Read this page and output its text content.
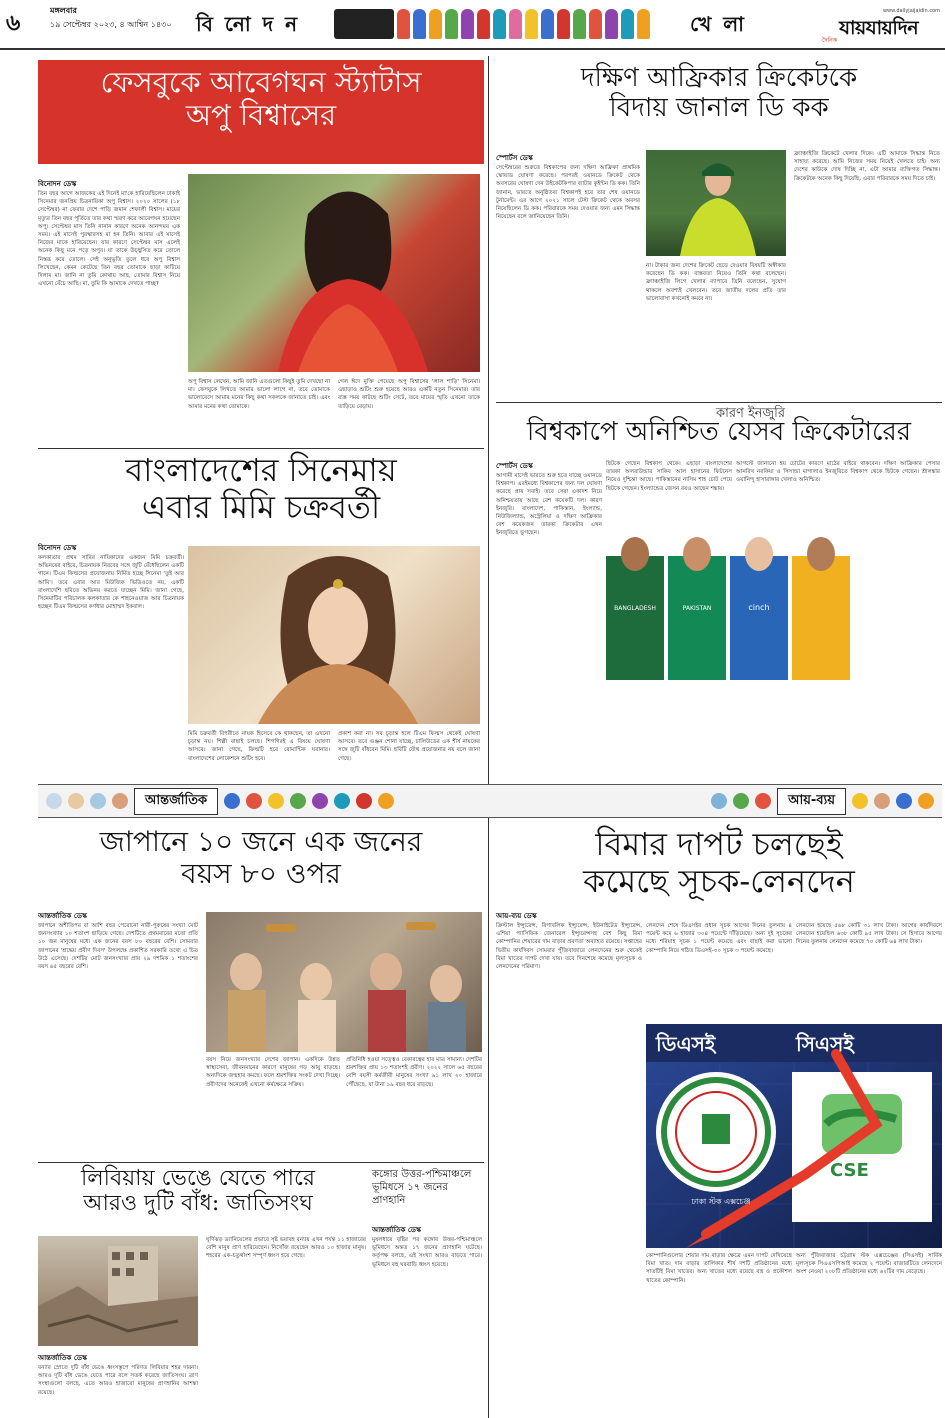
৬
মঙ্গলবার
১৯ সেপ্টেম্বর ২০২৩, ৪ আশ্বিন ১৪৩০ বিনোদন	খেলা
www.dailyjaijaidin.com
দৈনিক
যায়যায়দিন
ফেসবুকে আবেগঘন স্ট্যাটাস
অপু বিশ্বাসের
বিনোদন ডেস্ক
তিন বছর আগে আজকের এই দিনেই মা'কে হারিয়েছিলেন ঢাকাই সিনেমার জনপ্রিয় চিত্রনায়িকা অপু বিশ্বাস। ২০২০ সালের (১৮ সেপ্টেম্বর) না ফেরার দেশে পাড়ি জমান শেফালী বিশ্বাস। মায়ের মৃত্যুর তিন বছর পূর্তিতে তার কথা স্মরণ করে আবেগঘন হয়েছেন অপু। সেপ্টেম্বর মাস তিনি নানান কারণে অনেক আনন্দময় এক সময়। এই মাসেই পুরস্কারসহ মা হন তিনি। আবার এই মাসেই নিজের মাকে হারিয়েছেন। যার কারণে সেপ্টেম্বর মাস এলেই অনেক কিছু মনে পড়ে অপুর। যা তাকে উচ্ছ্বসিত করে তোলে নিস্তব্ধ করে তোলে। সেই অনুভূতি তুলে ধরে অপু বিশ্বাস লিখেছেন, কেমন কেটেছে তিন বছর তোমাকে ছাড়া কাটিয়ে দিলাম মা। জানি না তুমি কোথায় আছ, তোমার বিশ্বাস নিয়ে এখনো বেঁচে আছি। মা, তুমি কি আমাকে দেখতে পাচ্ছ?
অপু বিশ্বাস লেখেন, আমি জানি এতগুলো কিছুই তুমি দেখছো না মা। ফেসবুকে লিখতে আমার ভালো লাগে না, তবে তোমাকে ভালোবেসে আমার মনের কিছু কথা সকলকে জানাতে চাই। এবং আমার মনের কথা তোমাকে।
গেল ঈদে মুক্তি পেয়েছে অপু বিশ্বাসের 'লাল শাড়ি' সিনেমা। এছাড়াও শুটিং শুরু হয়েছে আরও একটি নতুন সিনেমার। তার ব্যস্ত সময় কাটছে শুটিং সেটে, তবে মায়ের স্মৃতি এখনো তাকে তাড়িয়ে বেড়ায়।
বাংলাদেশের সিনেমায়
এবার মিমি চক্রবর্তী
বিনোদন ডেস্ক
কলকাতার প্রথম সারির নায়িকাদের একজন মিমি চক্রবর্তী। অভিনয়ের বাইরে, চিত্রনায়ক নিরবের সঙ্গে জুটি বেঁধেছিলেন একটি গানে। টিএম ফিল্মসের প্রযোজনায় নির্মিত হচ্ছে সিনেমা 'তুই আর আমি'। তবে এবার আর মিউজিক ভিডিওতে নয়, একটি বাংলাদেশি ছবিতে অভিনয় করতে যাচ্ছেন মিমি। জানা গেছে, সিনেমাটির পরিচালক কলকাতার কে শাহনেওয়াজ আর চিত্রনায়ক হচ্ছেন টিএম ফিল্মসের কর্ণধার মোহাম্মদ ইকবাল।
মিমি চক্রবর্তী বিপরীতে নায়ক হিসেবে কে থাকছেন, তা এখনো চূড়ান্ত নয়। শিল্পী বাছাই চলছে। শিগগিরই এ বিষয়ে ঘোষণা আসবে। জানা গেছে, ফিল্মটি হবে রোমান্টিক ঘরানার। বাংলাদেশের লোকেশনে শুটিং হবে।
প্রকাশ করা না। সব চূড়ান্ত হলে টিএম ফিল্মস থেকেই ঘোষণা আসবে। তবে গুঞ্জন শোনা যাচ্ছে, ঢালিউডের এক শীর্ষ নায়কের সঙ্গে জুটি বাঁধবেন মিমি। ছবিটি যৌথ প্রযোজনার নয় বলে জানা গেছে।
দক্ষিণ আফ্রিকার ক্রিকেটকে
বিদায় জানাল ডি কক
স্পোর্টস ডেস্ক
সেপ্টেম্বরের শুরুতে বিশ্বকাপের জন্য দক্ষিণ আফ্রিকা প্রাথমিক স্কোয়াড ঘোষণা করেছে। পরপরই ওয়ানডে ক্রিকেট থেকে অবসরের ঘোষণা দেন উইকেটকিপার ব্যাটার কুইন্টন ডি কক। তিনি জানান, ভারতে অনুষ্ঠিতব্য বিশ্বকাপই হবে তার শেষ ওয়ানডে টুর্নামেন্ট। এর আগে ২০২১ সালে টেস্ট ক্রিকেট থেকে অবসর নিয়েছিলেন ডি কক। পরিবারকে সময় দেওয়ার জন্য এমন সিদ্ধান্ত নিয়েছেন বলে জানিয়েছেন তিনি।
না। টাকার জন্য দেশের ক্রিকেট ছেড়ে দেওয়ার বিষয়টি অস্বীকার করেছেন ডি কক। বাস্তবতা নিয়েও তিনি কথা বলেছেন। ফ্র্যাঞ্চাইজি লিগে খেলার ব্যাপারে তিনি বলেছেন, সুযোগ থাকলে অবশ্যই খেলবেন। তবে জাতীয় দলের প্রতি তার ভালোবাসা কখনোই কমবে না।
ফ্র্যাঞ্চাইজি ক্রিকেটে খেলার দিকে। এটি আমাকে সিদ্ধান্ত নিতে সাহায্য করেছে। আমি নিজের সময় নিয়েই খেলতে চাই। অন্য দেশের কাউকে দোষ দিচ্ছি না, এটা আমার ব্যক্তিগত সিদ্ধান্ত। ক্রিকেটকে অনেক কিছু দিয়েছি, এবার পরিবারকে সময় দিতে চাই।
কারণ ইনজুরি
বিশ্বকাপে অনিশ্চিত যেসব ক্রিকেটারের
স্পোর্টস ডেস্ক
আগামী মাসেই ভারতে শুরু হতে যাচ্ছে ওয়ানডে বিশ্বকাপ। এরইমধ্যে বিশ্বকাপের জন্য দল ঘোষণা করেছে প্রায় সবাই। তবে সেরা একাদশ নিয়ে অনিশ্চয়তায় আছে বেশ কয়েকটি দল। কারণ ইনজুরি। বাংলাদেশ, পাকিস্তান, ইংল্যান্ড, নিউজিল্যান্ড, অস্ট্রেলিয়া ও দক্ষিণ আফ্রিকার বেশ কয়েকজন তারকা ক্রিকেটার এখন ইনজুরিতে ভুগছেন।
ছিটকে গেছেন বিশ্বকাপ থেকে। এছাড়া বাংলাদেশের তারকা অলরাউন্ডার সাকিব আল হাসানের ফিটনেস নিয়েও দুশ্চিন্তা আছে। পাকিস্তানের নাসিম শাহ চোট পেয়ে ছিটকে গেছেন। ইংল্যান্ডের জেসন রয়ও আছেন শঙ্কায়।
আগস্টে জানানো হয় চোটের কারণে মাঠের বাইরে থাকবেন। দক্ষিণ আফ্রিকার পেসার আনরিখ নরকিয়া ও সিসান্ডা মাগালাও ইনজুরিতে বিশ্বকাপ থেকে ছিটকে গেছেন। শ্রীলঙ্কার ওয়ানিন্দু হাসারাঙ্গার খেলাও অনিশ্চিত।
BANGLADESH	PAKISTAN	cinch
আন্তর্জাতিক	আয়-ব্যয়
জাপানে ১০ জনে এক জনের
বয়স ৮০ ওপর
আন্তর্জাতিক ডেস্ক
জাপানে অশীতিপর বা আশি বছর পেরোনো নারী-পুরুষের সংখ্যা মোট জনসংখ্যার ১০ শতাংশ ছাড়িয়ে গেছে। দেশটিতে প্রথমবারের মতো প্রতি ১০ জন মানুষের মধ্যে এক জনের বয়স ৮০ বছরের বেশি। সোমবার জাপানের 'শ্রদ্ধেয় প্রবীণ দিবস' উপলক্ষে প্রকাশিত সরকারি তথ্যে এ চিত্র উঠে এসেছে। দেশটির মোট জনসংখ্যার প্রায় ২৯ দশমিক ১ শতাংশের বয়স ৬৫ বছরের বেশি।
বয়স নিয়ে জনসংখ্যার দেশের জাপান। একদিকে উন্নত স্বাস্থ্যসেবা, জীবনমানের কারণে মানুষের গড় আয়ু বাড়ছে। অন্যদিকে জন্মহার কমছে। ফলে শ্রমশক্তির সংকট দেখা দিচ্ছে। প্রবীণদের অনেকেই এখনো কর্মক্ষেত্রে সক্রিয়।
প্রতিনিধি হওয়া সত্ত্বেও বেকারত্বের হার মাত্র সামান্য। দেশটির শ্রমশক্তির প্রায় ১৩ শতাংশই প্রবীণ। ২০২২ সালে ৬৫ বছরের বেশি বয়সী কর্মজীবী মানুষের সংখ্যা ৯১ লাখ ২০ হাজারে পৌঁছেছে, যা টানা ১৯ বছর ধরে বাড়ছে।
লিবিয়ায় ভেঙে যেতে পারে
আরও দুটি বাঁধ: জাতিসংঘ
আন্তর্জাতিক ডেস্ক
বন্যার স্রোতে দুটি বাঁধ ভেঙে ধ্বংসস্তূপে পরিণত লিবিয়ার শহর দারনা। আরও দুটি বাঁধ ভেঙে যেতে পারে বলে সতর্ক করেছে জাতিসংঘ। ত্রাণ সংস্থাগুলো বলছে, এতে আরও হাজারো মানুষের প্রাণহানির আশঙ্কা রয়েছে।
ঘূর্ণিঝড় ড্যানিয়েলের প্রভাবে সৃষ্ট ভয়াবহ বন্যায় এখন পর্যন্ত ১১ হাজারের বেশি মানুষ প্রাণ হারিয়েছেন। নিখোঁজ রয়েছেন আরও ১০ হাজার মানুষ। শহরের এক-চতুর্থাংশ সম্পূর্ণ ধ্বংস হয়ে গেছে।
কঙ্গোর উত্তর-পশ্চিমাঞ্চলে ভূমিধসে ১৭ জনের প্রাণহানি
আন্তর্জাতিক ডেস্ক
মুষলধারে বৃষ্টির পর কঙ্গোর উত্তর-পশ্চিমাঞ্চলে ভূমিধসে অন্তত ১৭ জনের প্রাণহানি ঘটেছে। কর্তৃপক্ষ বলছে, এই সংখ্যা আরও বাড়তে পারে। ভূমিধসে বহু ঘরবাড়ি ধ্বংস হয়েছে।
বিমার দাপট চলছেই
কমেছে সূচক-লেনদেন
আয়-ব্যয় ডেস্ক
ক্রিস্টাল ইন্স্যুরেন্স, রিপাবলিক ইন্স্যুরেন্স, ইউনাইটেড ইন্স্যুরেন্স, এশিয়া প্যাসিফিক জেনারেল ইন্স্যুরেন্সসহ বেশ কিছু বিমা কোম্পানির শেয়ারের দাম বাড়ার প্রবণতা অব্যাহত রয়েছে। সপ্তাহের দ্বিতীয় কার্যদিবস সোমবার পুঁজিবাজারে লেনদেনের শুরু থেকেই বিমা খাতের দাপট দেখা যায়। তবে দিনশেষে কমেছে মূল্যসূচক ও লেনদেনের পরিমাণ।
লেনদেন শেষে ডিএসইর প্রধান সূচক আগের দিনের তুলনায় ৪ পয়েন্ট কমে ৬ হাজার ৩০৪ পয়েন্টে দাঁড়িয়েছে। অন্য দুই সূচকের মধ্যে শরিয়াহ সূচক ১ পয়েন্ট কমেছে এবং বাছাই করা ভালো কোম্পানি নিয়ে গঠিত ডিএসই-৩০ সূচক ৩ পয়েন্ট কমেছে।
লেনদেন হয়েছে ৫৬৮ কোটি ৩১ লাখ টাকা। আগের কার্যদিবসে লেনদেন হয়েছিল ৬৩৮ কোটি ৯৫ লাখ টাকা। সে হিসাবে আগের দিনের তুলনায় লেনদেন কমেছে ৭০ কোটি ৬৪ লাখ টাকা।
ডিএসই	সিএসই
CSE
ঢাকা স্টক এক্সচেঞ্জ
কোম্পানিগুলোর শেয়ার দাম বাড়ার ক্ষেত্রে এমন দাপট দেখিয়েছে বিমা খাত। দাম বাড়ার তালিকার শীর্ষ দশটি প্রতিষ্ঠানের মধ্যে সাতটিই বিমা খাতের। অন্য খাতের মধ্যে রয়েছে বস্ত্র ও প্রকৌশল খাতের কোম্পানি।
অন্য পুঁজিবাজার চট্টগ্রাম স্টক এক্সচেঞ্জের (সিএসই) সার্বিক মূল্যসূচক সিএএসপিআই কমেছে ২ পয়েন্ট। বাজারটিতে লেনদেনে অংশ নেওয়া ২০৮টি প্রতিষ্ঠানের মধ্যে ৬২টির দাম বেড়েছে।
